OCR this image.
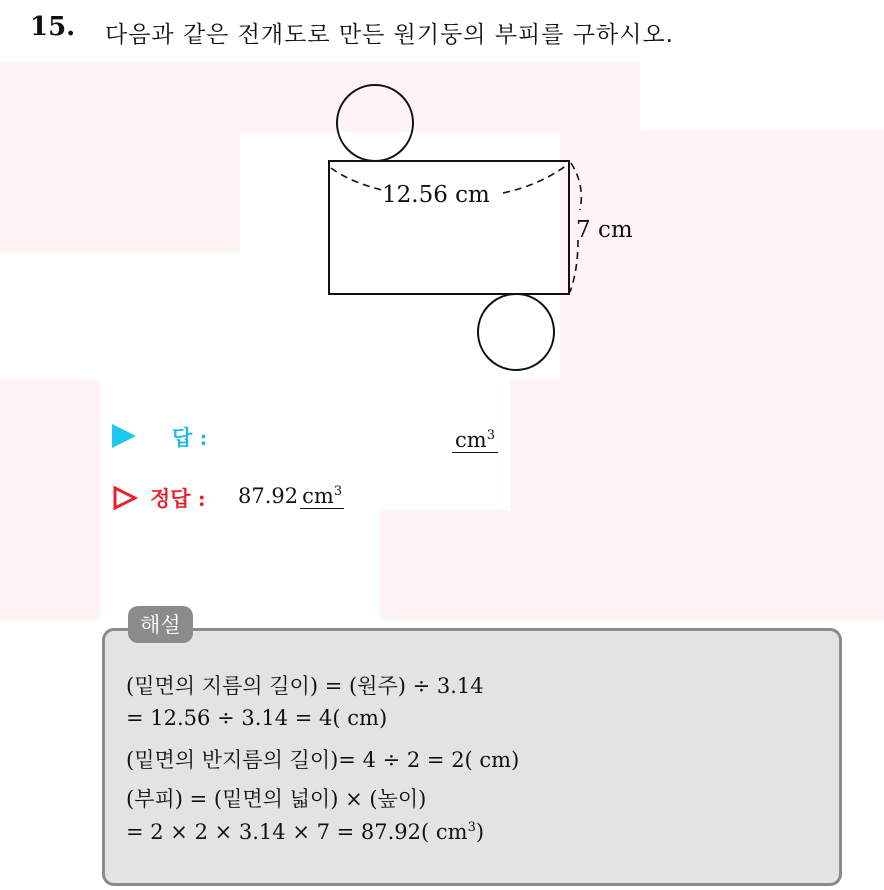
15. 다음과 같은 전개도로 만든 원기둥의 부피를 구하시오.
12.56 cm
7 cm
답 :	$cm^3$
정답 : 87.92 $cm^3$
해설
(밑면의 지름의 길이) = (원주) ÷ 3.14
= 12.56 ÷ 3.14 = 4( cm)
(밑면의 반지름의 길이)= 4 ÷ 2 = 2( cm)
(부피) = (밑면의 넓이) × (높이)
= 2 × 2 × 3.14 × 7 = 87.92( $cm^3$)
